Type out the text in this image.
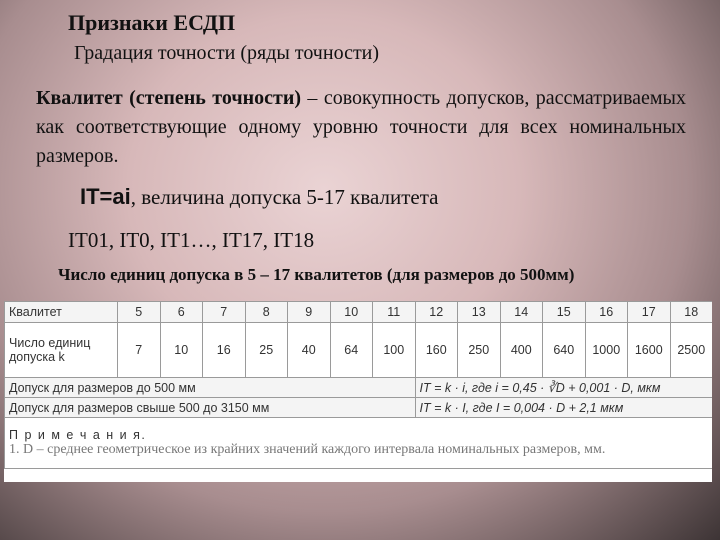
Признаки ЕСДП
Градация точности (ряды точности)
Квалитет (степень точности) – совокупность допусков, рассматриваемых как соответствующие одному уровню точности для всех номинальных размеров.
IT=ai, величина допуска 5-17 квалитета
IT01, IT0, IT1…, IT17, IT18
Число единиц допуска в 5 – 17 квалитетов (для размеров до 500мм)
Квалитет	5	6	7	8	9	10	11	12	13	14	15	16	17	18
Число единиц допуска k	7	10	16	25	40	64	100	160	250	400	640	1000	1600	2500
Допуск для размеров до 500 мм								IT = k · i, где i = 0,45 · ∛D + 0,001 · D, мкм						
Допуск для размеров свыше 500 до 3150 мм								IT = k · I, где I = 0,004 · D + 2,1 мкм						

П р и м е ч а н и я.
1. D – среднее геометрическое из крайних значений каждого интервала номинальных размеров, мм.														
